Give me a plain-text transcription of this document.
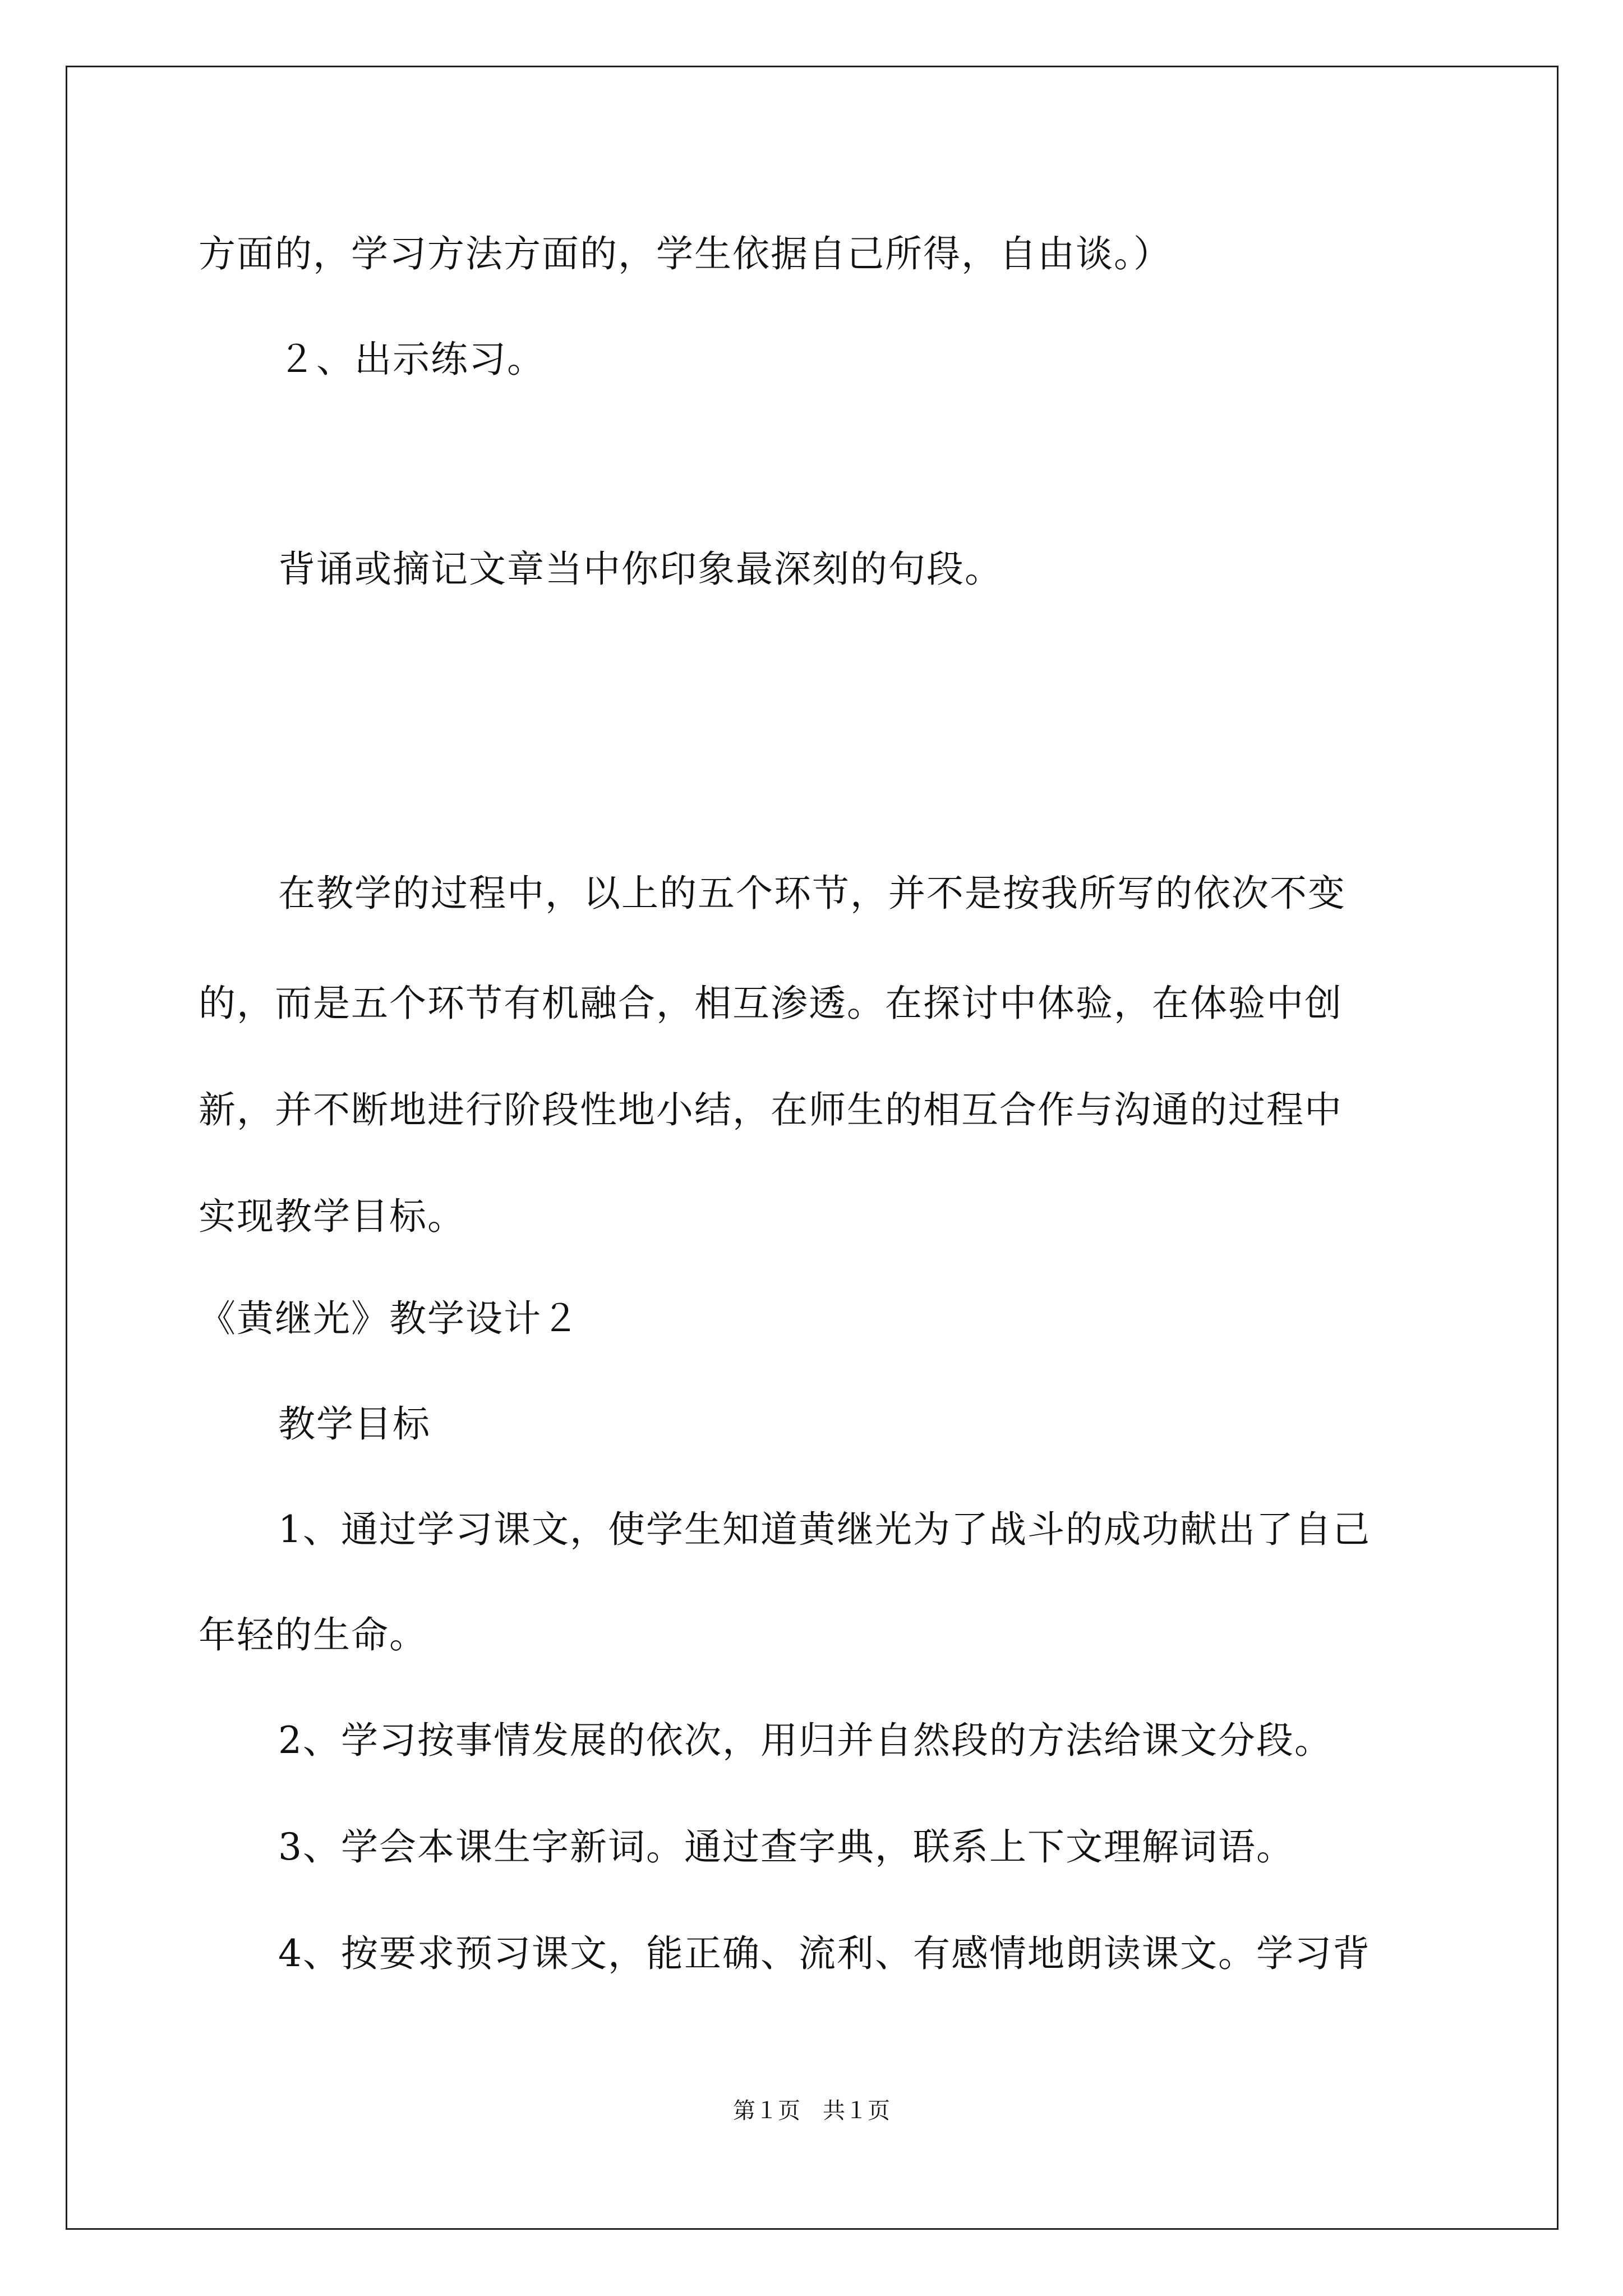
方面的，学习方法方面的，学生依据自己所得，自由谈。）
２、出示练习。
背诵或摘记文章当中你印象最深刻的句段。
在教学的过程中，以上的五个环节，并不是按我所写的依次不变
的，而是五个环节有机融合，相互渗透。在探讨中体验，在体验中创
新，并不断地进行阶段性地小结，在师生的相互合作与沟通的过程中
实现教学目标。
《黄继光》教学设计２
教学目标
1、通过学习课文，使学生知道黄继光为了战斗的成功献出了自己
年轻的生命。
2、学习按事情发展的依次，用归并自然段的方法给课文分段。
3、学会本课生字新词。通过查字典，联系上下文理解词语。
4、按要求预习课文，能正确、流利、有感情地朗读课文。学习背
第１页　共１页
